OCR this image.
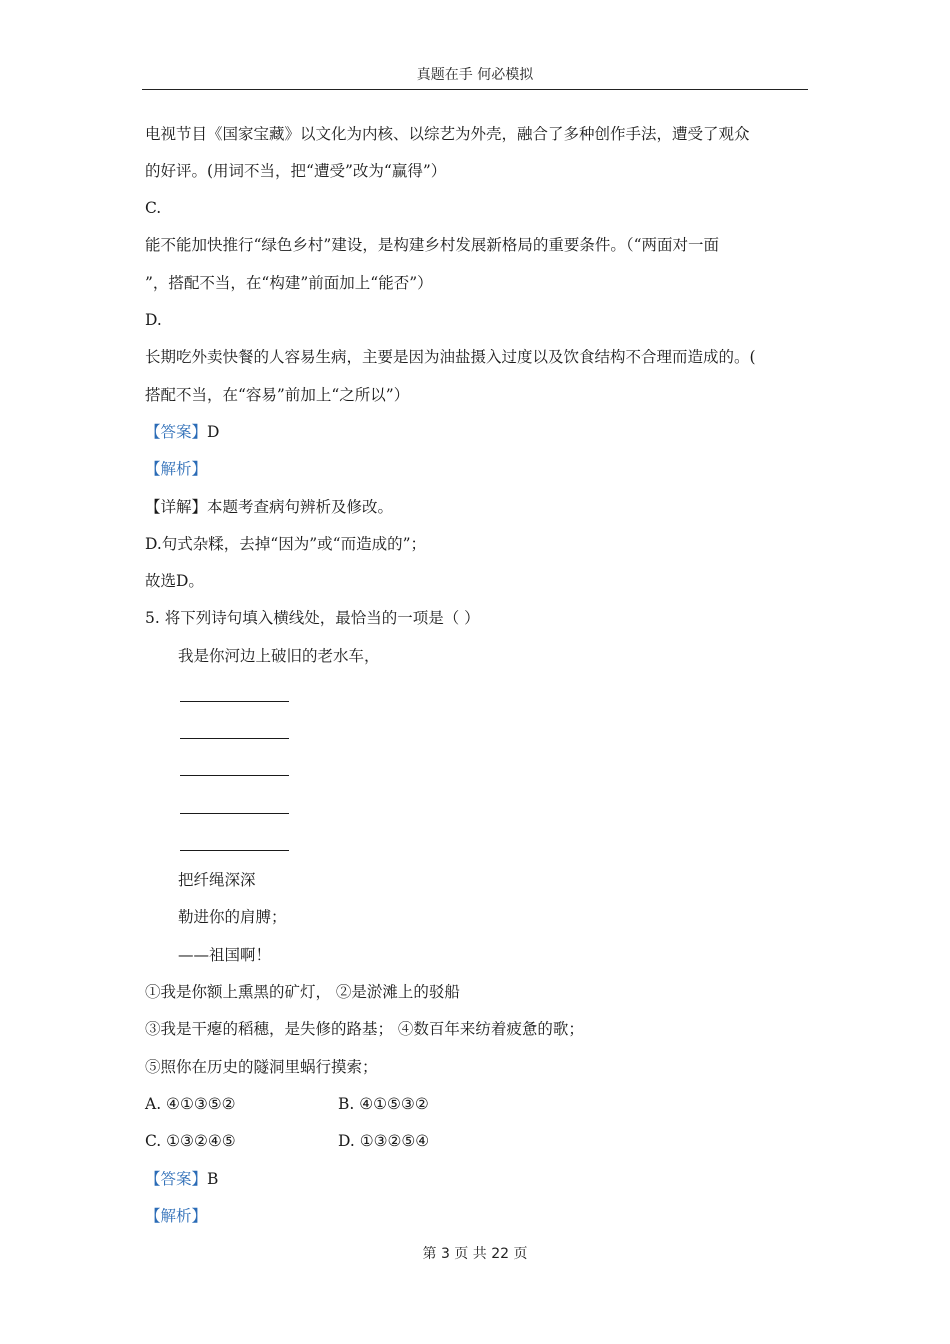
真题在手 何必模拟
电视节目《国家宝藏》以文化为内核、以综艺为外壳，融合了多种创作手法，遭受了观众
的好评。(用词不当，把“遭受”改为“赢得”）
C.
能不能加快推行“绿色乡村”建设，是构建乡村发展新格局的重要条件。（“两面对一面
”，搭配不当，在“构建”前面加上“能否”）
D.
长期吃外卖快餐的人容易生病，主要是因为油盐摄入过度以及饮食结构不合理而造成的。(
搭配不当，在“容易”前加上“之所以”）
【答案】D
【解析】
【详解】本题考查病句辨析及修改。
D.句式杂糅，去掉“因为”或“而造成的”；
故选D。
5. 将下列诗句填入横线处，最恰当的一项是（ ）
我是你河边上破旧的老水车，
把纤绳深深
勒进你的肩膊；
——祖国啊！
①我是你额上熏黑的矿灯， ②是淤滩上的驳船
③我是干瘪的稻穗，是失修的路基； ④数百年来纺着疲惫的歌；
⑤照你在历史的隧洞里蜗行摸索；
A. ④①③⑤②	B. ④①⑤③②
C. ①③②④⑤	D. ①③②⑤④
【答案】B
【解析】
第 3 页 共 22 页
